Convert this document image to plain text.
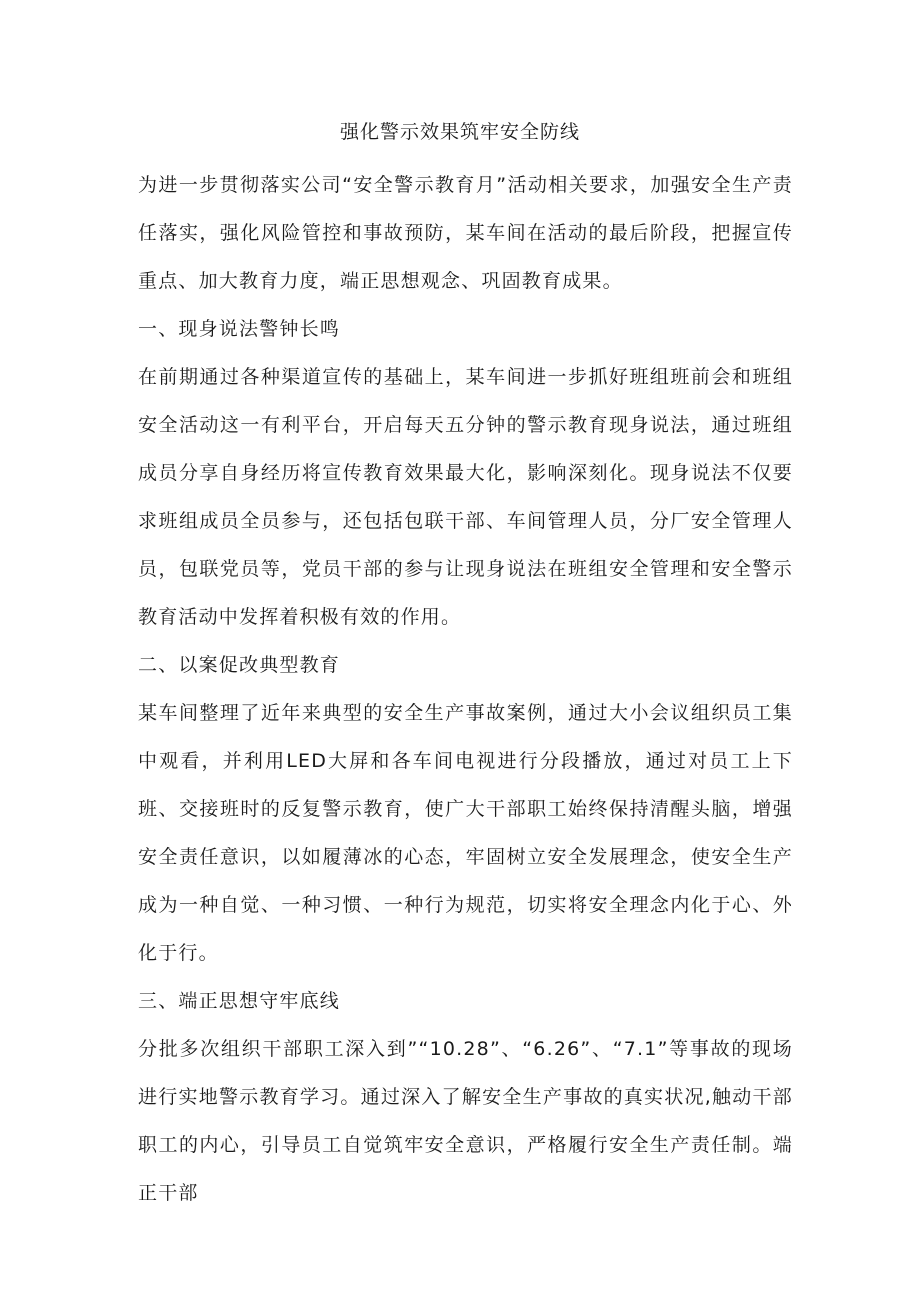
强化警示效果筑牢安全防线

为进一步贯彻落实公司“安全警示教育月”活动相关要求，加强安全生产责任落实，强化风险管控和事故预防，某车间在活动的最后阶段，把握宣传重点、加大教育力度，端正思想观念、巩固教育成果。

一、现身说法警钟长鸣

在前期通过各种渠道宣传的基础上，某车间进一步抓好班组班前会和班组安全活动这一有利平台，开启每天五分钟的警示教育现身说法，通过班组成员分享自身经历将宣传教育效果最大化，影响深刻化。现身说法不仅要求班组成员全员参与，还包括包联干部、车间管理人员，分厂安全管理人员，包联党员等，党员干部的参与让现身说法在班组安全管理和安全警示教育活动中发挥着积极有效的作用。

二、以案促改典型教育

某车间整理了近年来典型的安全生产事故案例，通过大小会议组织员工集中观看，并利用LED大屏和各车间电视进行分段播放，通过对员工上下班、交接班时的反复警示教育，使广大干部职工始终保持清醒头脑，增强安全责任意识，以如履薄冰的心态，牢固树立安全发展理念，使安全生产成为一种自觉、一种习惯、一种行为规范，切实将安全理念内化于心、外化于行。

三、端正思想守牢底线

分批多次组织干部职工深入到”“10.28”、“6.26”、“7.1”等事故的现场进行实地警示教育学习。通过深入了解安全生产事故的真实状况,触动干部职工的内心，引导员工自觉筑牢安全意识，严格履行安全生产责任制。端正干部
